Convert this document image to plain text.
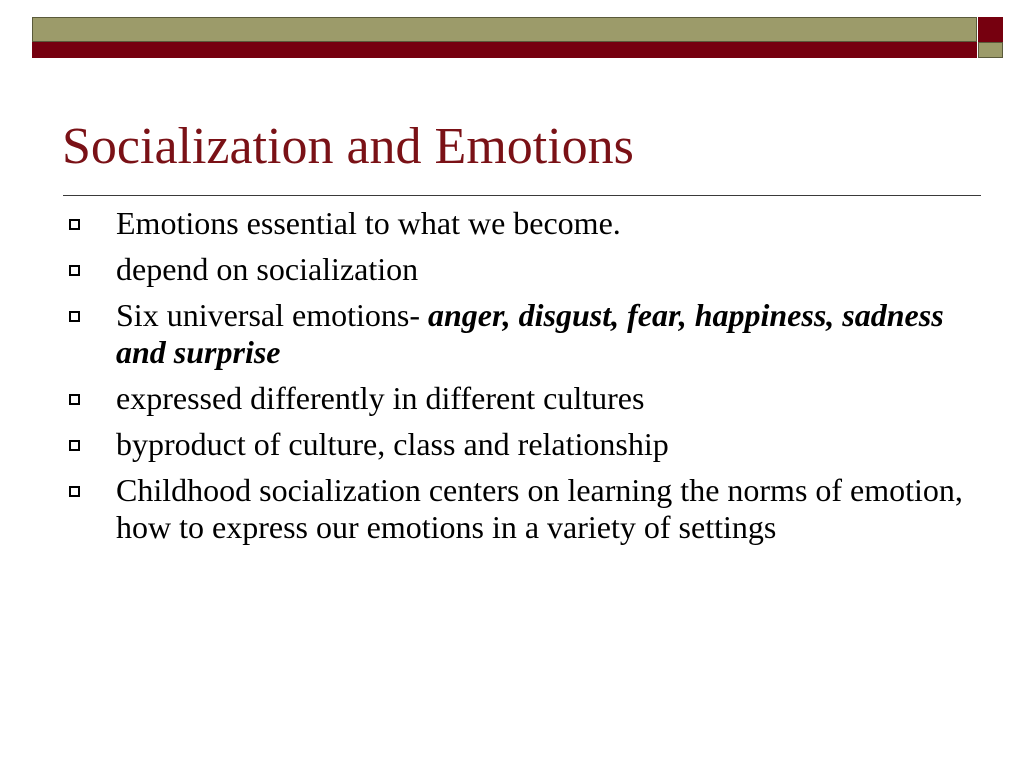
Socialization and Emotions
Emotions essential to what we become.
depend on socialization
Six universal emotions- anger, disgust, fear, happiness, sadness and surprise
expressed differently in different cultures
byproduct of culture, class and relationship
Childhood socialization centers on learning the norms of emotion, how to express our emotions in a variety of settings
